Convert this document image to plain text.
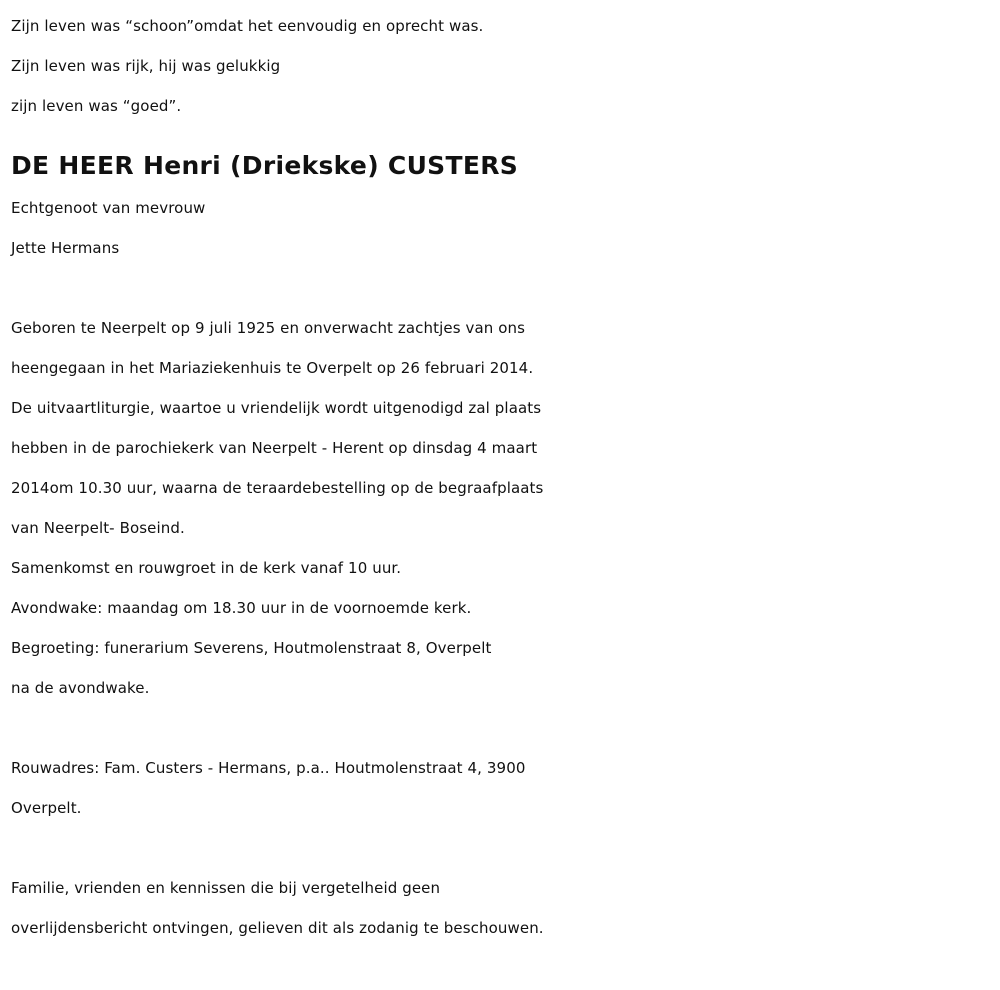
Zijn leven was “schoon”omdat het eenvoudig en oprecht was.
Zijn leven was rijk, hij was gelukkig
zijn leven was “goed”.
DE HEER Henri (Driekske) CUSTERS
Echtgenoot van mevrouw
Jette Hermans
Geboren te Neerpelt op 9 juli 1925 en onverwacht zachtjes van ons
heengegaan in het Mariaziekenhuis te Overpelt op 26 februari 2014.
De uitvaartliturgie, waartoe u vriendelijk wordt uitgenodigd zal plaats
hebben in de parochiekerk van Neerpelt - Herent op dinsdag 4 maart
2014om 10.30 uur, waarna de teraardebestelling op de begraafplaats
van Neerpelt- Boseind.
Samenkomst en rouwgroet in de kerk vanaf 10 uur.
Avondwake: maandag om 18.30 uur in de voornoemde kerk.
Begroeting: funerarium Severens, Houtmolenstraat 8, Overpelt
na de avondwake.
Rouwadres: Fam. Custers - Hermans, p.a.. Houtmolenstraat 4, 3900
Overpelt.
Familie, vrienden en kennissen die bij vergetelheid geen
overlijdensbericht ontvingen, gelieven dit als zodanig te beschouwen.
